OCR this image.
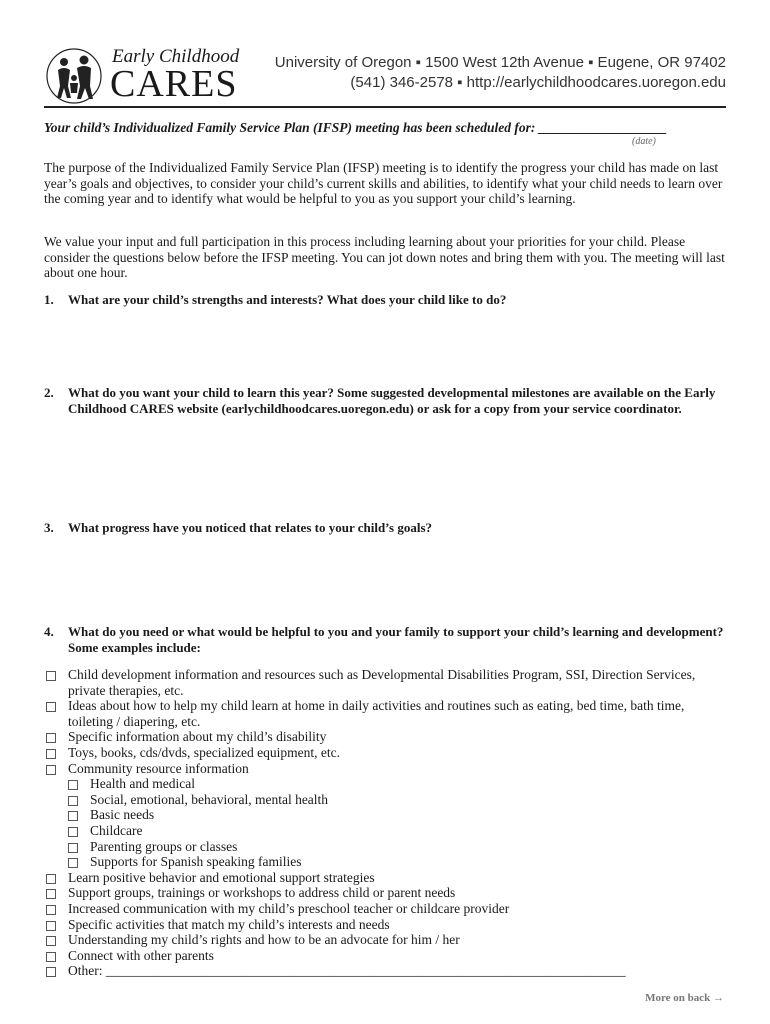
Early Childhood
CARES
University of Oregon ▪ 1500 West 12th Avenue ▪ Eugene, OR 97402
(541) 346-2578 ▪ http://earlychildhoodcares.uoregon.edu
Your child’s Individualized Family Service Plan (IFSP) meeting has been scheduled for: ___________________
(date)
The purpose of the Individualized Family Service Plan (IFSP) meeting is to identify the progress your child has made on last year’s goals and objectives, to consider your child’s current skills and abilities, to identify what your child needs to learn over the coming year and to identify what would be helpful to you as you support your child’s learning.
We value your input and full participation in this process including learning about your priorities for your child. Please consider the questions below before the IFSP meeting. You can jot down notes and bring them with you. The meeting will last about one hour.
1. What are your child’s strengths and interests? What does your child like to do?
2. What do you want your child to learn this year? Some suggested developmental milestones are available on the Early Childhood CARES website (earlychildhoodcares.uoregon.edu) or ask for a copy from your service coordinator.
3. What progress have you noticed that relates to your child’s goals?
4. What do you need or what would be helpful to you and your family to support your child’s learning and development? Some examples include:
Child development information and resources such as Developmental Disabilities Program, SSI, Direction Services, private therapies, etc.
Ideas about how to help my child learn at home in daily activities and routines such as eating, bed time, bath time, toileting / diapering, etc.
Specific information about my child’s disability
Toys, books, cds/dvds, specialized equipment, etc.
Community resource information
Health and medical
Social, emotional, behavioral, mental health
Basic needs
Childcare
Parenting groups or classes
Supports for Spanish speaking families
Learn positive behavior and emotional support strategies
Support groups, trainings or workshops to address child or parent needs
Increased communication with my child’s preschool teacher or childcare provider
Specific activities that match my child’s interests and needs
Understanding my child’s rights and how to be an advocate for him / her
Connect with other parents
Other: _____________________________________________________________________________
More on back →
